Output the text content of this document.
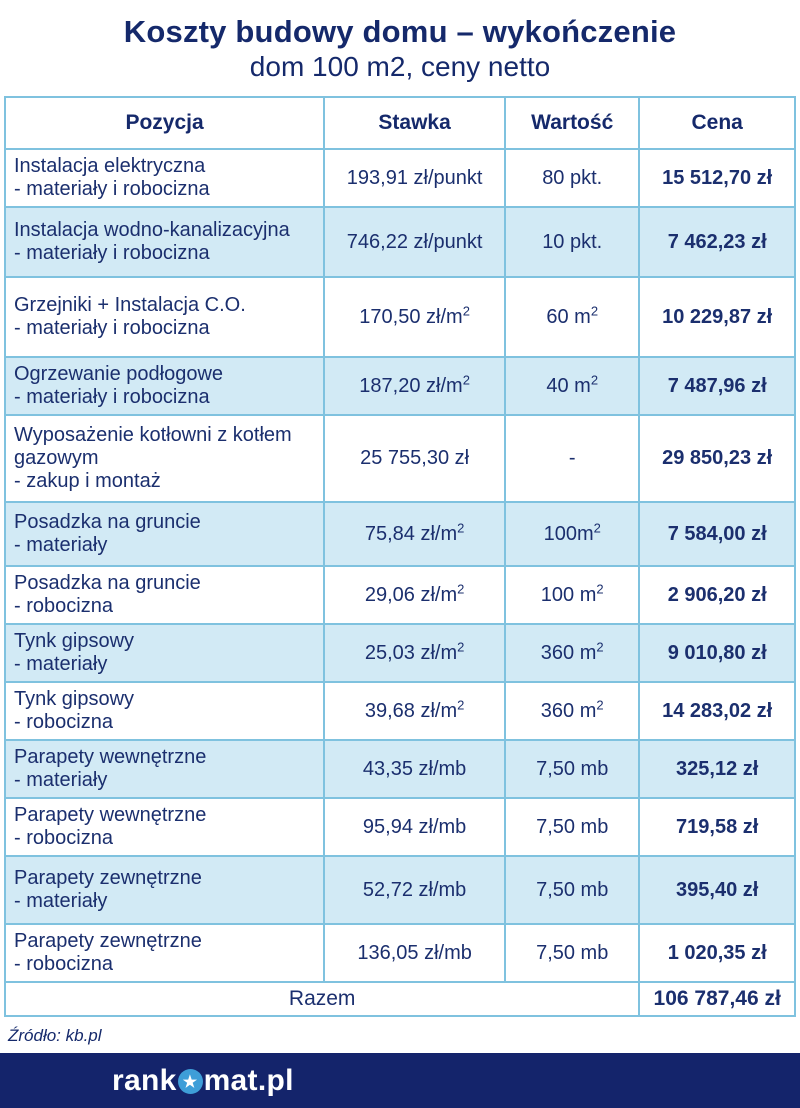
Koszty budowy domu – wykończenie
dom 100 m2, ceny netto
Pozycja	Stawka	Wartość	Cena

Instalacja elektryczna
- materiały i robocizna	193,91 zł/punkt	80 pkt.	15 512,70 zł

Instalacja wodno-kanalizacyjna
- materiały i robocizna	746,22 zł/punkt	10 pkt.	7 462,23 zł

Grzejniki + Instalacja C.O.
- materiały i robocizna	170,50 $zł/m^2$	60 $m^2$	10 229,87 zł

Ogrzewanie podłogowe
- materiały i robocizna	187,20 $zł/m^2$	40 $m^2$	7 487,96 zł

Wyposażenie kotłowni z kotłem gazowym
- zakup i montaż	25 755,30 zł	-	29 850,23 zł

Posadzka na gruncie
- materiały	75,84 $zł/m^2$	$100m^2$	7 584,00 zł

Posadzka na gruncie
- robocizna	29,06 $zł/m^2$	100 $m^2$	2 906,20 zł

Tynk gipsowy
- materiały	25,03 $zł/m^2$	360 $m^2$	9 010,80 zł

Tynk gipsowy
- robocizna	39,68 $zł/m^2$	360 $m^2$	14 283,02 zł

Parapety wewnętrzne
- materiały	43,35 zł/mb	7,50 mb	325,12 zł

Parapety wewnętrzne
- robocizna	95,94 zł/mb	7,50 mb	719,58 zł

Parapety zewnętrzne
- materiały	52,72 zł/mb	7,50 mb	395,40 zł

Parapety zewnętrzne
- robocizna	136,05 zł/mb	7,50 mb	1 020,35 zł
Razem			106 787,46 zł
Źródło: kb.pl
rank ★ mat.pl
